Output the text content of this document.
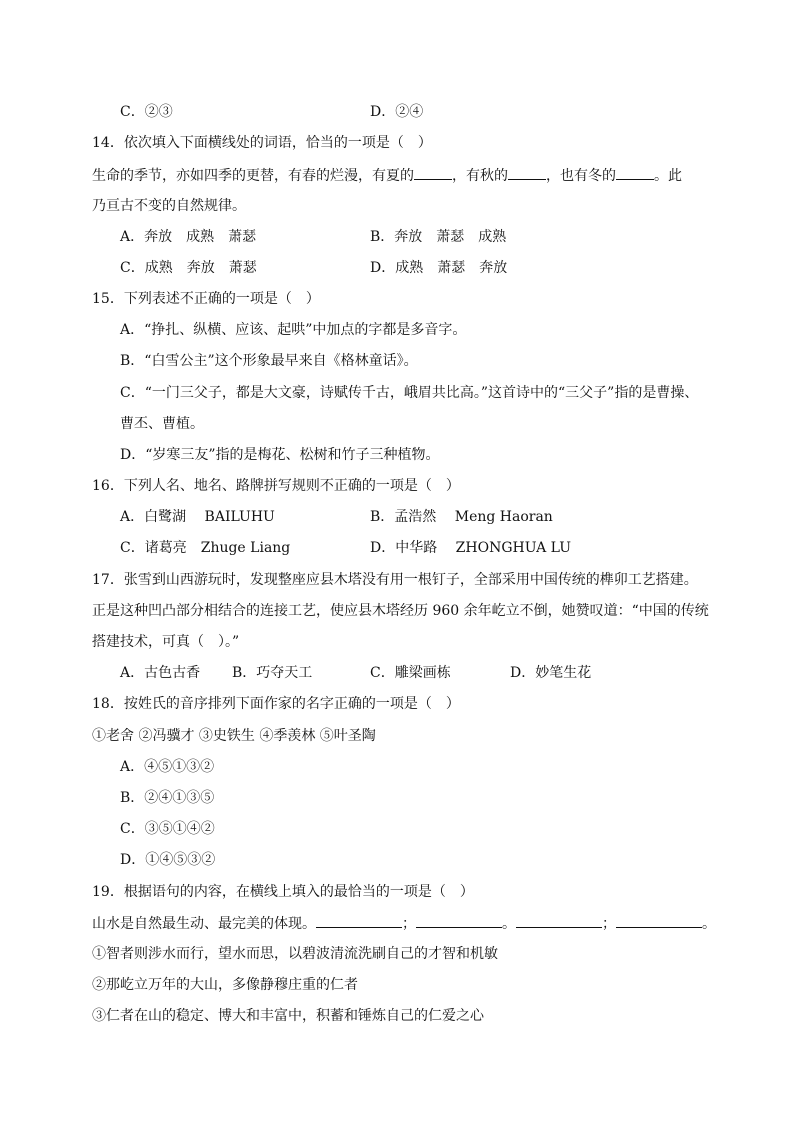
C．②③	D．②④
14．依次填入下面横线处的词语，恰当的一项是（　）
生命的季节，亦如四季的更替，有春的烂漫，有夏的	，有秋的	，也有冬的	。此
乃亘古不变的自然规律。
A．奔放　成熟　萧瑟	B．奔放　萧瑟　成熟
C．成熟　奔放　萧瑟	D．成熟　萧瑟　奔放
15．下列表述不正确的一项是（　）
A．“挣扎、纵横、应该、起哄”中加点的字都是多音字。
B．“白雪公主”这个形象最早来自《格林童话》。
C．“一门三父子，都是大文豪，诗赋传千古，峨眉共比高。”这首诗中的“三父子”指的是曹操、
曹丕、曹植。
D．“岁寒三友”指的是梅花、松树和竹子三种植物。
16．下列人名、地名、路牌拼写规则不正确的一项是（　）
A．白鹭湖　 BAILUHU	B．孟浩然　 Meng Haoran
C．诸葛亮　Zhuge Liang	D．中华路　 ZHONGHUA LU
17．张雪到山西游玩时，发现整座应县木塔没有用一根钉子，全部采用中国传统的榫卯工艺搭建。
正是这种凹凸部分相结合的连接工艺，使应县木塔经历 960 余年屹立不倒，她赞叹道：“中国的传统
搭建技术，可真（　）。”
A．古色古香 B．巧夺天工	C．雕梁画栋	D．妙笔生花
18．按姓氏的音序排列下面作家的名字正确的一项是（　）
①老舍 ②冯骥才 ③史铁生 ④季羡林 ⑤叶圣陶
A．④⑤①③②
B．②④①③⑤
C．③⑤①④②
D．①④⑤③②
19．根据语句的内容，在横线上填入的最恰当的一项是（　）
山水是自然最生动、最完美的体现。	；	。	；	。
①智者则涉水而行，望水而思，以碧波清流洗刷自己的才智和机敏
②那屹立万年的大山，多像静穆庄重的仁者
③仁者在山的稳定、博大和丰富中，积蓄和锤炼自己的仁爱之心
